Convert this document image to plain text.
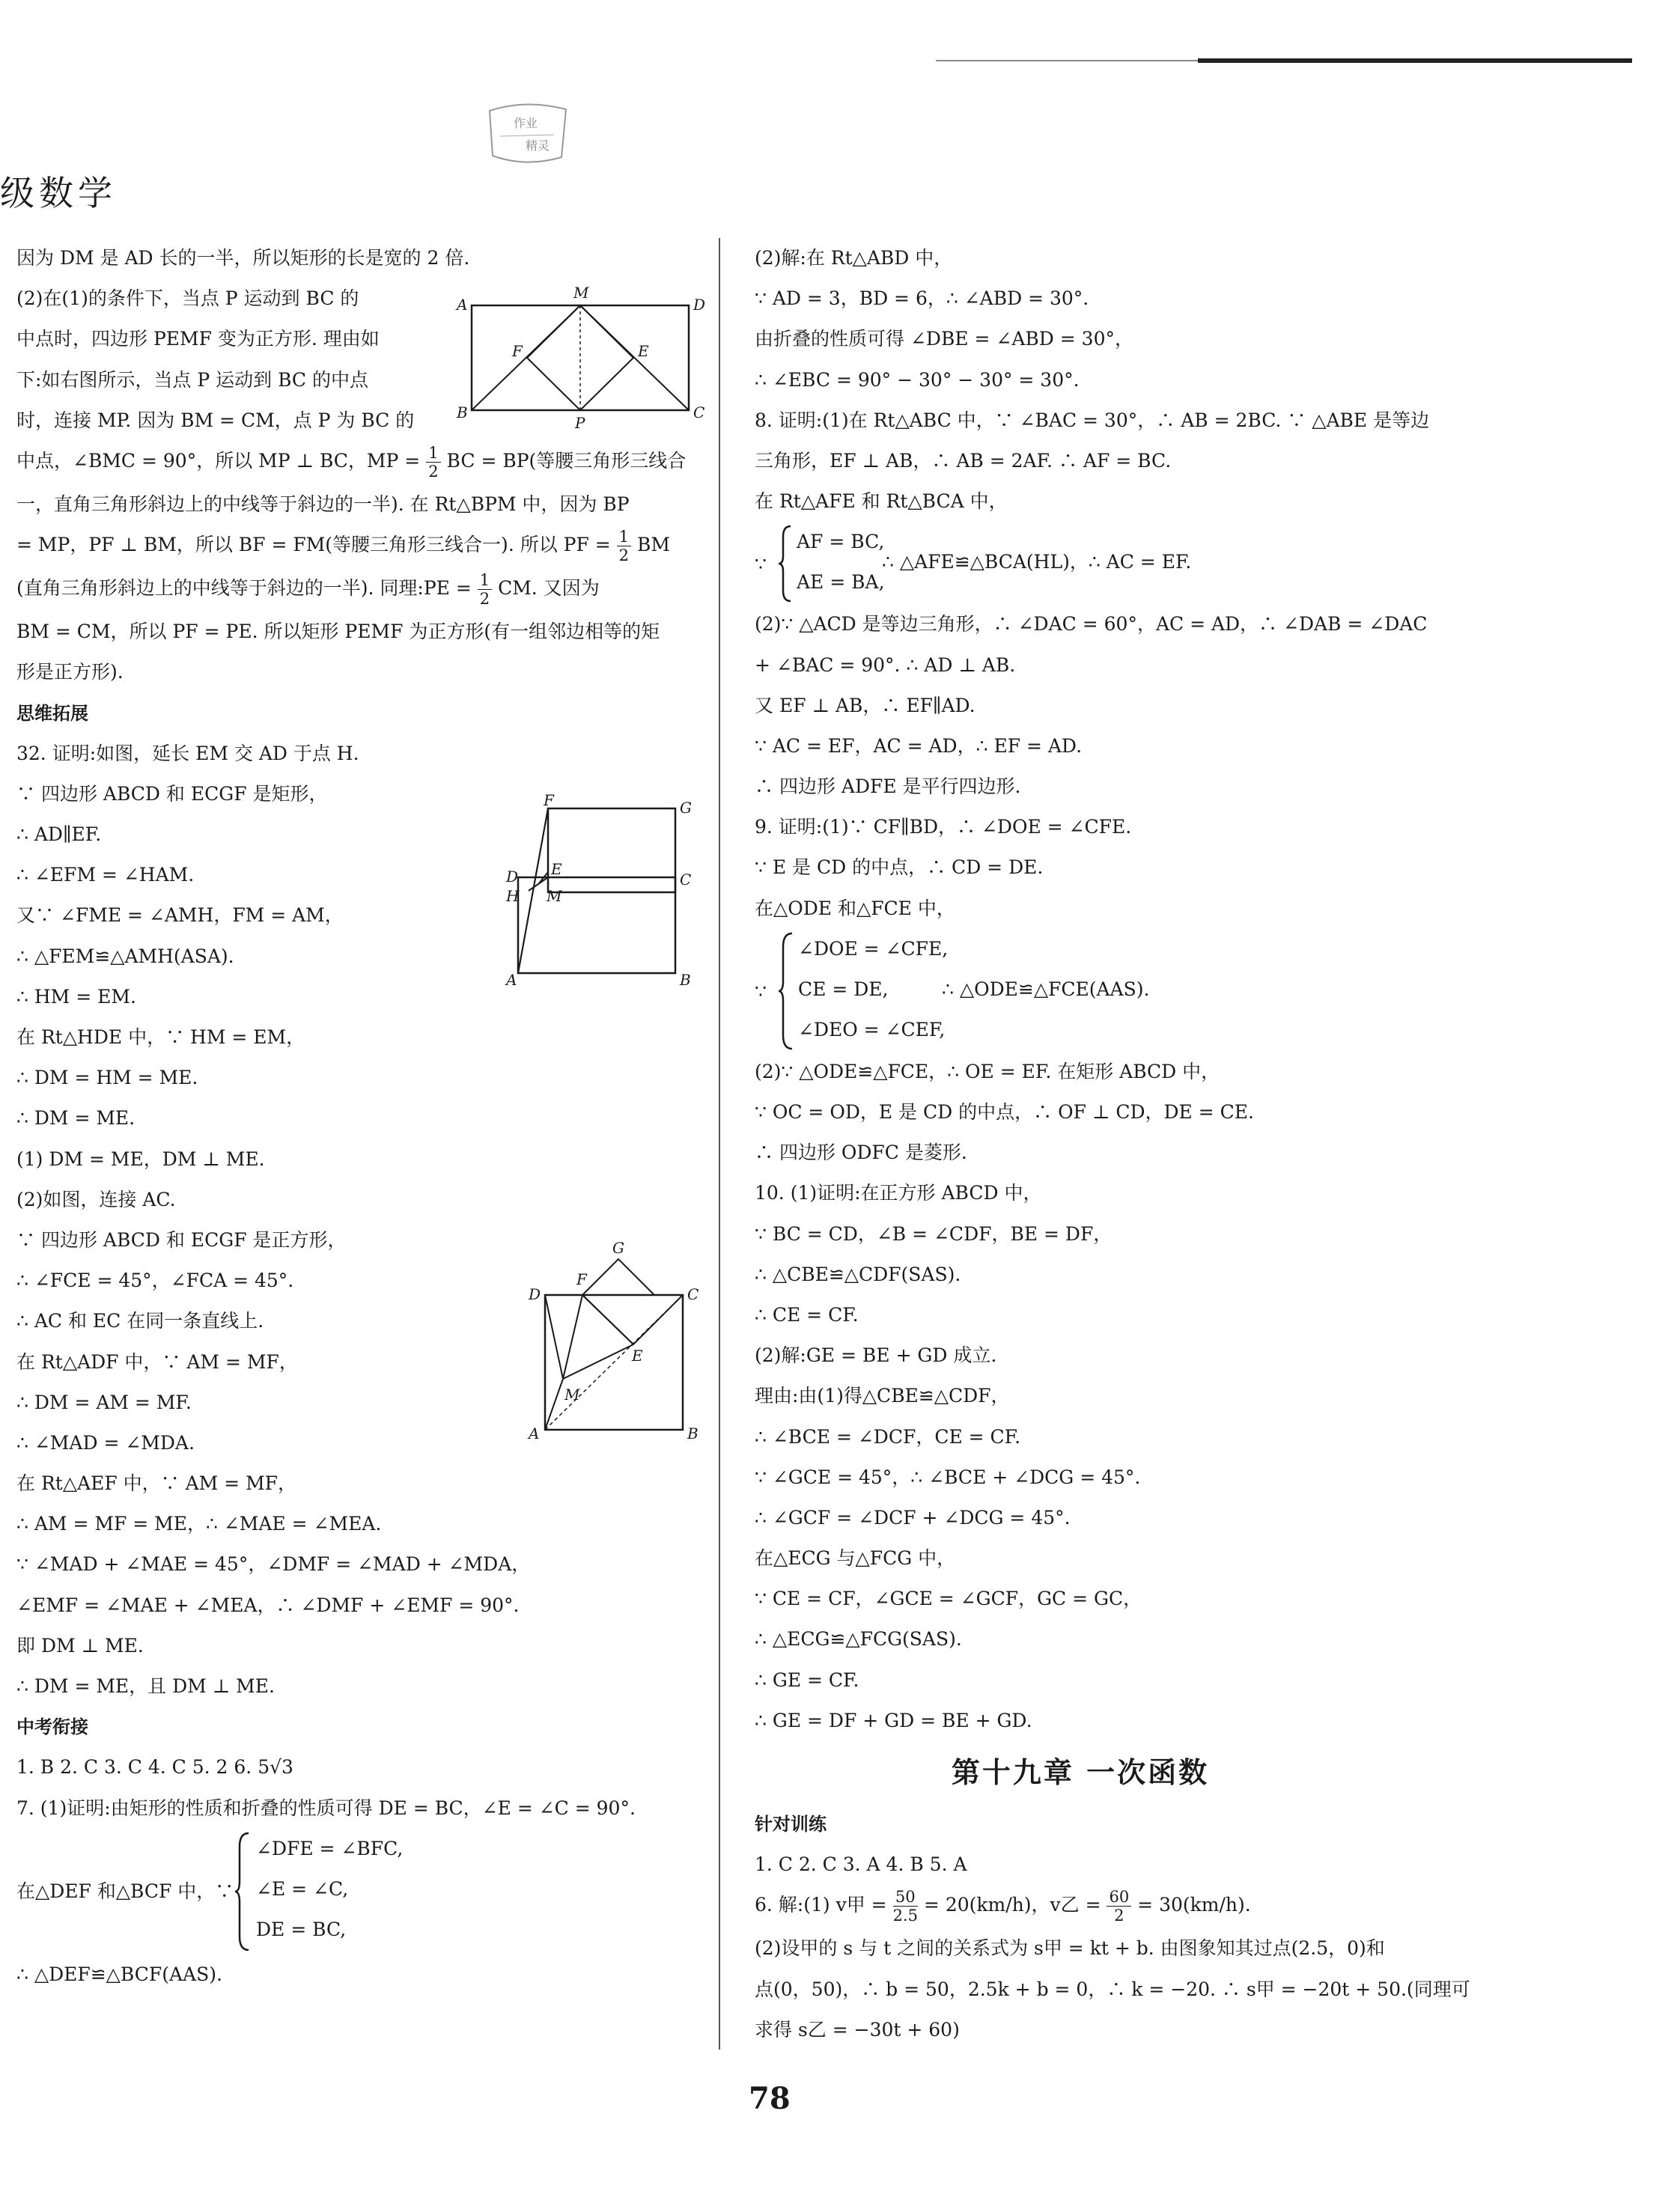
作业
精灵
级数学
因为 DM 是 AD 长的一半，所以矩形的长是宽的 2 倍.
(2)在(1)的条件下，当点 P 运动到 BC 的
中点时，四边形 PEMF 变为正方形. 理由如
下:如右图所示，当点 P 运动到 BC 的中点
时，连接 MP. 因为 BM = CM，点 P 为 BC 的
中点，∠BMC = 90°，所以 MP ⊥ BC，MP = $\frac{1}{2}$ BC = BP(等腰三角形三线合
一，直角三角形斜边上的中线等于斜边的一半). 在 Rt△BPM 中，因为 BP
= MP，PF ⊥ BM，所以 BF = FM(等腰三角形三线合一). 所以 PF = $\frac{1}{2}$ BM
(直角三角形斜边上的中线等于斜边的一半). 同理:PE = $\frac{1}{2}$ CM. 又因为
BM = CM，所以 PF = PE. 所以矩形 PEMF 为正方形(有一组邻边相等的矩
形是正方形).
思维拓展
32. 证明:如图，延长 EM 交 AD 于点 H.
∵ 四边形 ABCD 和 ECGF 是矩形，
∴ AD∥EF.
∴ ∠EFM = ∠HAM.
又∵ ∠FME = ∠AMH，FM = AM，
∴ △FEM≌△AMH(ASA).
∴ HM = EM.
在 Rt△HDE 中，∵ HM = EM，
∴ DM = HM = ME.
∴ DM = ME.
(1) DM = ME，DM ⊥ ME.
(2)如图，连接 AC.
∵ 四边形 ABCD 和 ECGF 是正方形，
∴ ∠FCE = 45°，∠FCA = 45°.
∴ AC 和 EC 在同一条直线上.
在 Rt△ADF 中，∵ AM = MF，
∴ DM = AM = MF.
∴ ∠MAD = ∠MDA.
在 Rt△AEF 中，∵ AM = MF，
∴ AM = MF = ME，∴ ∠MAE = ∠MEA.
∵ ∠MAD + ∠MAE = 45°，∠DMF = ∠MAD + ∠MDA，
∠EMF = ∠MAE + ∠MEA，∴ ∠DMF + ∠EMF = 90°.
即 DM ⊥ ME.
∴ DM = ME，且 DM ⊥ ME.
中考衔接
1. B 2. C 3. C 4. C 5. 2 6. 5√3
7. (1)证明:由矩形的性质和折叠的性质可得 DE = BC，∠E = ∠C = 90°.
在△DEF 和△BCF 中，∵
∠DFE = ∠BFC,
∠E = ∠C,
DE = BC,
∴ △DEF≌△BCF(AAS).
A
M
D
F	E
B
P
C
F	G
D E
C
H M
A	B
G
F
D	C
E
M
A	B
(2)解:在 Rt△ABD 中，
∵ AD = 3，BD = 6，∴ ∠ABD = 30°.
由折叠的性质可得 ∠DBE = ∠ABD = 30°，
∴ ∠EBC = 90° − 30° − 30° = 30°.
8. 证明:(1)在 Rt△ABC 中，∵ ∠BAC = 30°，∴ AB = 2BC. ∵ △ABE 是等边
三角形，EF ⊥ AB，∴ AB = 2AF. ∴ AF = BC.
在 Rt△AFE 和 Rt△BCA 中，
∵
AF = BC,
AE = BA,
∴ △AFE≌△BCA(HL)，∴ AC = EF.
(2)∵ △ACD 是等边三角形，∴ ∠DAC = 60°，AC = AD，∴ ∠DAB = ∠DAC
+ ∠BAC = 90°. ∴ AD ⊥ AB.
又 EF ⊥ AB，∴ EF∥AD.
∵ AC = EF，AC = AD，∴ EF = AD.
∴ 四边形 ADFE 是平行四边形.
9. 证明:(1)∵ CF∥BD，∴ ∠DOE = ∠CFE.
∵ E 是 CD 的中点，∴ CD = DE.
在△ODE 和△FCE 中，
∵
∠DOE = ∠CFE,
CE = DE,
∠DEO = ∠CEF,
∴ △ODE≌△FCE(AAS).
(2)∵ △ODE≌△FCE，∴ OE = EF. 在矩形 ABCD 中，
∵ OC = OD，E 是 CD 的中点，∴ OF ⊥ CD，DE = CE.
∴ 四边形 ODFC 是菱形.
10. (1)证明:在正方形 ABCD 中，
∵ BC = CD，∠B = ∠CDF，BE = DF，
∴ △CBE≌△CDF(SAS).
∴ CE = CF.
(2)解:GE = BE + GD 成立.
理由:由(1)得△CBE≌△CDF，
∴ ∠BCE = ∠DCF，CE = CF.
∵ ∠GCE = 45°，∴ ∠BCE + ∠DCG = 45°.
∴ ∠GCF = ∠DCF + ∠DCG = 45°.
在△ECG 与△FCG 中，
∵ CE = CF，∠GCE = ∠GCF，GC = GC，
∴ △ECG≌△FCG(SAS).
∴ GE = CF.
∴ GE = DF + GD = BE + GD.
第十九章 一次函数
针对训练
1. C 2. C 3. A 4. B 5. A
6. 解:(1) v甲 = $\frac{50}{2.5} = 20(km/h)$，v乙 = $\frac{60}{2} = 30(km/h)$.
(2)设甲的 s 与 t 之间的关系式为 s甲 = kt + b. 由图象知其过点(2.5，0)和
点(0，50)，∴ b = 50，2.5k + b = 0，∴ k = −20. ∴ s甲 = −20t + 50.(同理可
求得 s乙 = −30t + 60)
78
